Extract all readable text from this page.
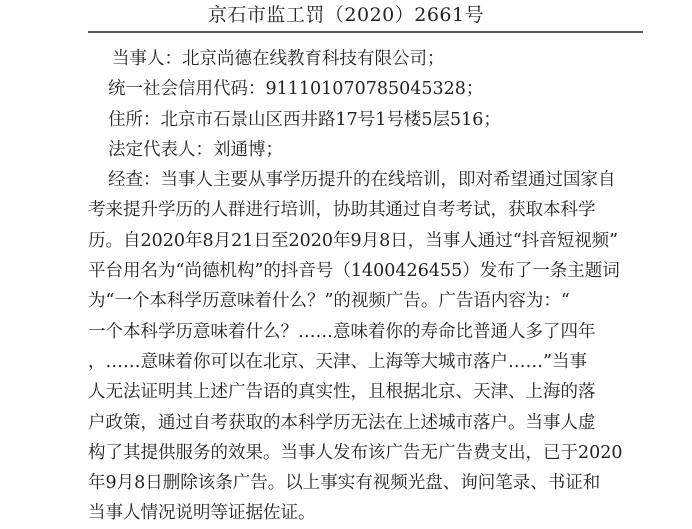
京石市监工罚（2020）2661号
当事人：北京尚德在线教育科技有限公司；
统一社会信用代码：911101070785045328；
住所：北京市石景山区西井路17号1号楼5层516；
法定代表人：刘通博；
经查：当事人主要从事学历提升的在线培训，即对希望通过国家自
考来提升学历的人群进行培训，协助其通过自考考试，获取本科学
历。自2020年8月21日至2020年9月8日，当事人通过“抖音短视频”
平台用名为“尚德机构”的抖音号（1400426455）发布了一条主题词
为“一个本科学历意味着什么？”的视频广告。广告语内容为：“
一个本科学历意味着什么？……意味着你的寿命比普通人多了四年
，……意味着你可以在北京、天津、上海等大城市落户……”当事
人无法证明其上述广告语的真实性，且根据北京、天津、上海的落
户政策，通过自考获取的本科学历无法在上述城市落户。当事人虚
构了其提供服务的效果。当事人发布该广告无广告费支出，已于2020
年9月8日删除该条广告。以上事实有视频光盘、询问笔录、书证和
当事人情况说明等证据佐证。
